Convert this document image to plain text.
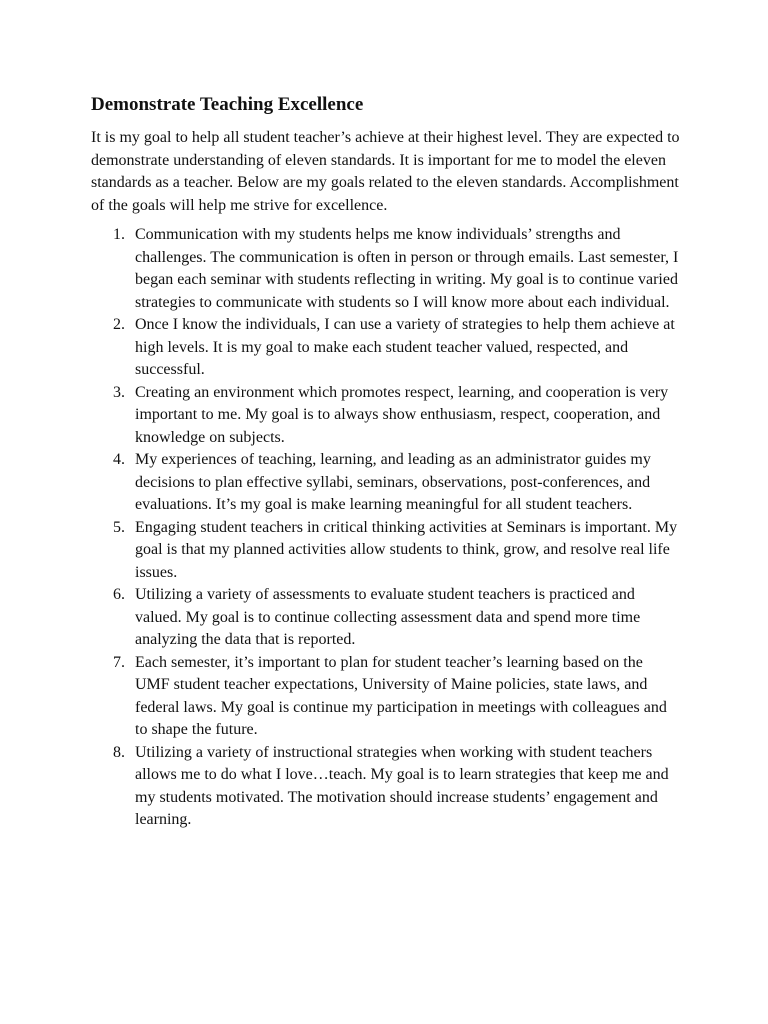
Demonstrate Teaching Excellence

It is my goal to help all student teacher’s achieve at their highest level. They are expected to demonstrate understanding of eleven standards. It is important for me to model the eleven standards as a teacher. Below are my goals related to the eleven standards. Accomplishment of the goals will help me strive for excellence.

1. Communication with my students helps me know individuals’ strengths and challenges. The communication is often in person or through emails. Last semester, I began each seminar with students reflecting in writing. My goal is to continue varied strategies to communicate with students so I will know more about each individual.
2. Once I know the individuals, I can use a variety of strategies to help them achieve at high levels. It is my goal to make each student teacher valued, respected, and successful.
3. Creating an environment which promotes respect, learning, and cooperation is very important to me. My goal is to always show enthusiasm, respect, cooperation, and knowledge on subjects.
4. My experiences of teaching, learning, and leading as an administrator guides my decisions to plan effective syllabi, seminars, observations, post-conferences, and evaluations. It’s my goal is make learning meaningful for all student teachers.
5. Engaging student teachers in critical thinking activities at Seminars is important. My goal is that my planned activities allow students to think, grow, and resolve real life issues.
6. Utilizing a variety of assessments to evaluate student teachers is practiced and valued. My goal is to continue collecting assessment data and spend more time analyzing the data that is reported.
7. Each semester, it’s important to plan for student teacher’s learning based on the UMF student teacher expectations, University of Maine policies, state laws, and federal laws. My goal is continue my participation in meetings with colleagues and to shape the future.
8. Utilizing a variety of instructional strategies when working with student teachers allows me to do what I love…teach. My goal is to learn strategies that keep me and my students motivated. The motivation should increase students’ engagement and learning.
